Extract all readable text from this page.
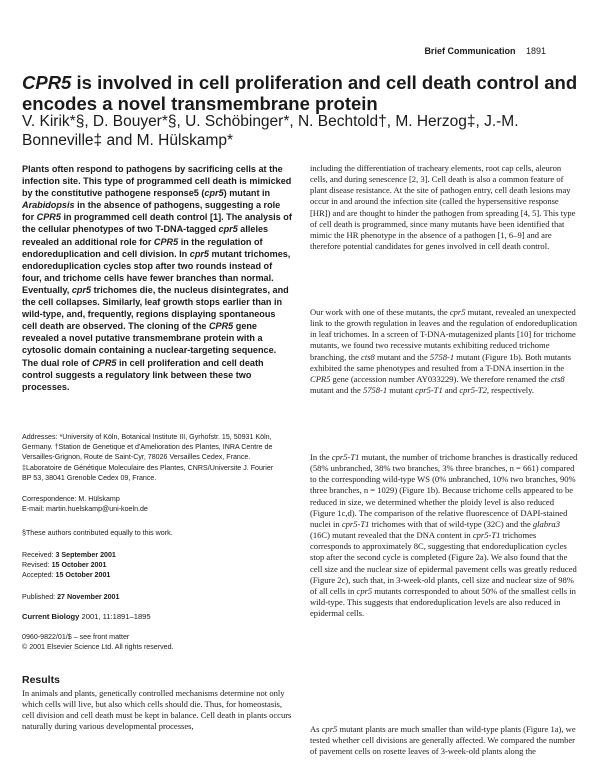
Brief Communication 1891
CPR5 is involved in cell proliferation and cell death control and encodes a novel transmembrane protein
V. Kirik*§, D. Bouyer*§, U. Schöbinger*, N. Bechtold†, M. Herzog‡, J.-M. Bonneville‡ and M. Hülskamp*

Plants often respond to pathogens by sacrificing cells at the infection site. This type of programmed cell death is mimicked by the constitutive pathogene response5 (cpr5) mutant in Arabidopsis in the absence of pathogens, suggesting a role for CPR5 in programmed cell death control [1]. The analysis of the cellular phenotypes of two T-DNA-tagged cpr5 alleles revealed an additional role for CPR5 in the regulation of endoreduplication and cell division. In cpr5 mutant trichomes, endoreduplication cycles stop after two rounds instead of four, and trichome cells have fewer branches than normal. Eventually, cpr5 trichomes die, the nucleus disintegrates, and the cell collapses. Similarly, leaf growth stops earlier than in wild-type, and, frequently, regions displaying spontaneous cell death are observed. The cloning of the CPR5 gene revealed a novel putative transmembrane protein with a cytosolic domain containing a nuclear-targeting sequence. The dual role of CPR5 in cell proliferation and cell death control suggests a regulatory link between these two processes.

Addresses: *University of Köln, Botanical Institute III, Gyrhofstr. 15, 50931 Köln, Germany. †Station de Genetique et d'Amelioration des Plantes, INRA Centre de Versailles-Grignon, Route de Saint-Cyr, 78026 Versailles Cedex, France. ‡Laboratoire de Génétique Moleculaire des Plantes, CNRS/Universite J. Fourier BP 53, 38041 Grenoble Cedex 09, France.
Correspondence: M. Hülskamp
E-mail: martin.huelskamp@uni-koeln.de
§These authors contributed equally to this work.
Received: 3 September 2001
Revised: 15 October 2001
Accepted: 15 October 2001
Published: 27 November 2001
Current Biology 2001, 11:1891–1895
0960-9822/01/$ – see front matter
© 2001 Elsevier Science Ltd. All rights reserved.
Results

In animals and plants, genetically controlled mechanisms determine not only which cells will live, but also which cells should die. Thus, for homeostasis, cell division and cell death must be kept in balance. Cell death in plants occurs naturally during various developmental processes,

including the differentiation of tracheary elements, root cap cells, aleuron cells, and during senescence [2, 3]. Cell death is also a common feature of plant disease resistance. At the site of pathogen entry, cell death lesions may occur in and around the infection site (called the hypersensitive response [HR]) and are thought to hinder the pathogen from spreading [4, 5]. This type of cell death is programmed, since many mutants have been identified that mimic the HR phenotype in the absence of a pathogen [1, 6–9] and are therefore potential candidates for genes involved in cell death control.

Our work with one of these mutants, the cpr5 mutant, revealed an unexpected link to the growth regulation in leaves and the regulation of endoreduplication in leaf trichomes. In a screen of T-DNA-mutagenized plants [10] for trichome mutants, we found two recessive mutants exhibiting reduced trichome branching, the cts8 mutant and the 5758-1 mutant (Figure 1b). Both mutants exhibited the same phenotypes and resulted from a T-DNA insertion in the CPR5 gene (accession number AY033229). We therefore renamed the cts8 mutant and the 5758-1 mutant cpr5-T1 and cpr5-T2, respectively.

In the cpr5-T1 mutant, the number of trichome branches is drastically reduced (58% unbranched, 38% two branches, 3% three branches, n = 661) compared to the corresponding wild-type WS (0% unbranched, 10% two branches, 90% three branches, n = 1029) (Figure 1b). Because trichome cells appeared to be reduced in size, we determined whether the ploidy level is also reduced (Figure 1c,d). The comparison of the relative fluorescence of DAPI-stained nuclei in cpr5-T1 trichomes with that of wild-type (32C) and the glabra3 (16C) mutant revealed that the DNA content in cpr5-T1 trichomes corresponds to approximately 8C, suggesting that endoreduplication cycles stop after the second cycle is completed (Figure 2a). We also found that the cell size and the nuclear size of epidermal pavement cells was greatly reduced (Figure 2c), such that, in 3-week-old plants, cell size and nuclear size of 98% of all cells in cpr5 mutants corresponded to about 50% of the smallest cells in wild-type. This suggests that endoreduplication levels are also reduced in epidermal cells.

As cpr5 mutant plants are much smaller than wild-type plants (Figure 1a), we tested whether cell divisions are generally affected. We compared the number of pavement cells on rosette leaves of 3-week-old plants along the
